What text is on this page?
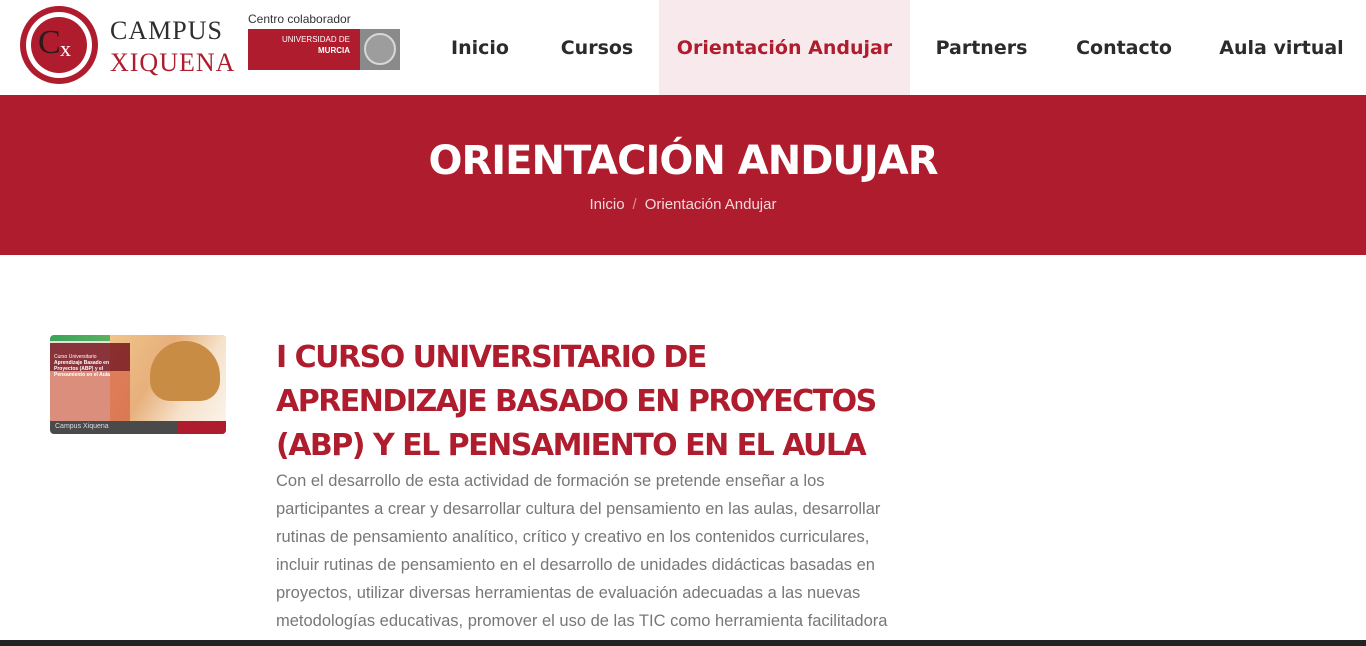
C x
CAMPUS
XIQUENA
Centro colaborador
UNIVERSIDAD DE
MURCIA	Inicio	Cursos	Orientación Andujar	Partners	Contacto	Aula virtual
ORIENTACIÓN ANDUJAR
Inicio / Orientación Andujar
Curso Universitario
Aprendizaje Basado en Proyectos (ABP) y el Pensamiento en el Aula
Campus Xiquena
I CURSO UNIVERSITARIO DE APRENDIZAJE BASADO EN PROYECTOS (ABP) Y EL PENSAMIENTO EN EL AULA
Con el desarrollo de esta actividad de formación se pretende enseñar a los participantes a crear y desarrollar cultura del pensamiento en las aulas, desarrollar rutinas de pensamiento analítico, crítico y creativo en los contenidos curriculares, incluir rutinas de pensamiento en el desarrollo de unidades didácticas basadas en proyectos, utilizar diversas herramientas de evaluación adecuadas a las nuevas metodologías educativas, promover el uso de las TIC como herramienta facilitadora
